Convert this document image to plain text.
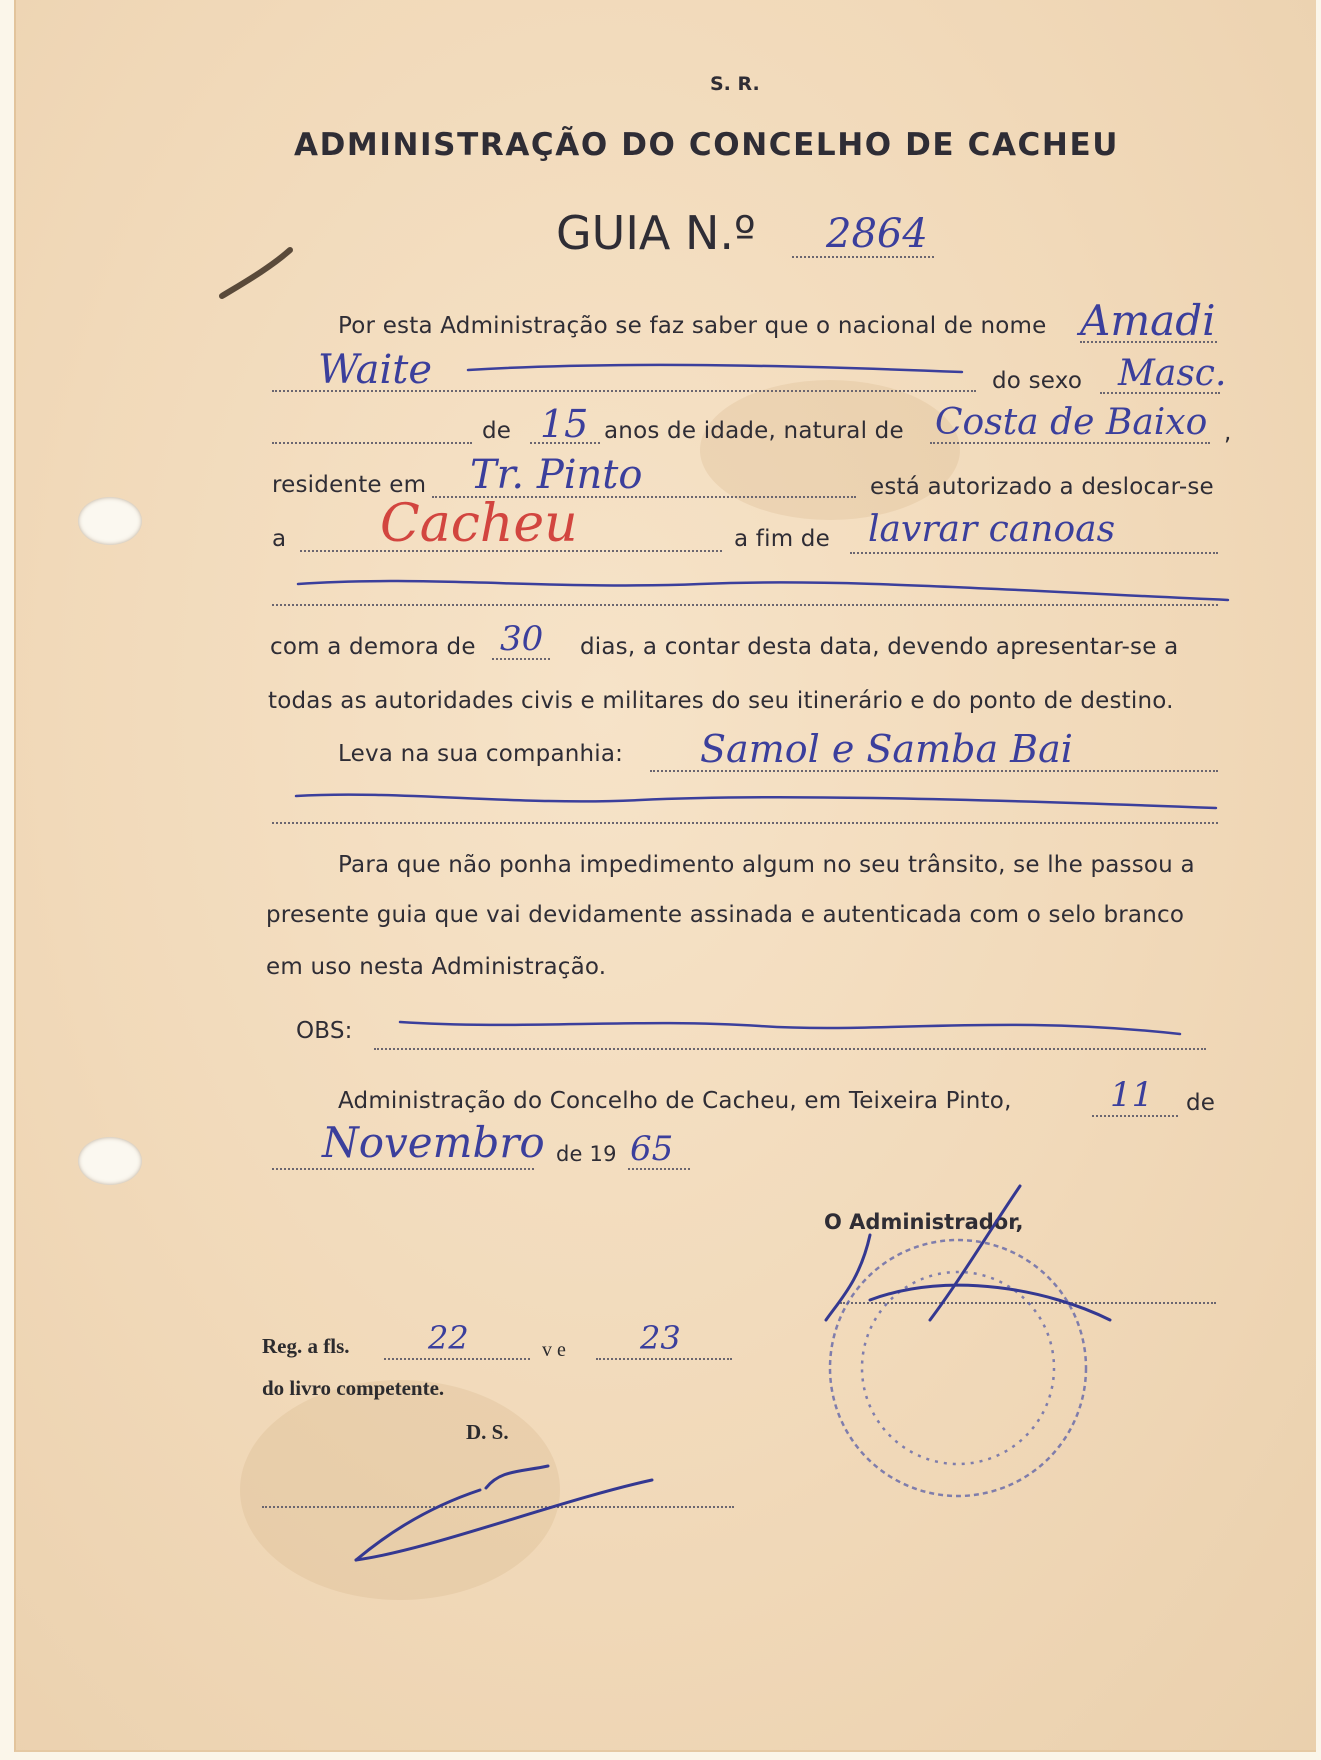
S. R.
ADMINISTRAÇÃO DO CONCELHO DE CACHEU
GUIA N.º 2864
Por esta Administração se faz saber que o nacional de nome Amadi
Waite	do sexo Masc.
de 15 anos de idade, natural de Costa de Baixo ,
residente em Tr. Pinto	está autorizado a deslocar-se
a Cacheu	a fim de lavrar canoas
com a demora de 30 dias, a contar desta data, devendo apresentar-se a
todas as autoridades civis e militares do seu itinerário e do ponto de destino.
Leva na sua companhia: Samol e Samba Bai
Para que não ponha impedimento algum no seu trânsito, se lhe passou a
presente guia que vai devidamente assinada e autenticada com o selo branco
em uso nesta Administração.
OBS:
Administração do Concelho de Cacheu, em Teixeira Pinto,	11 de
Novembro de 19 65
O Administrador,
Reg. a fls. 22	v e 23
do livro competente.
D. S.
